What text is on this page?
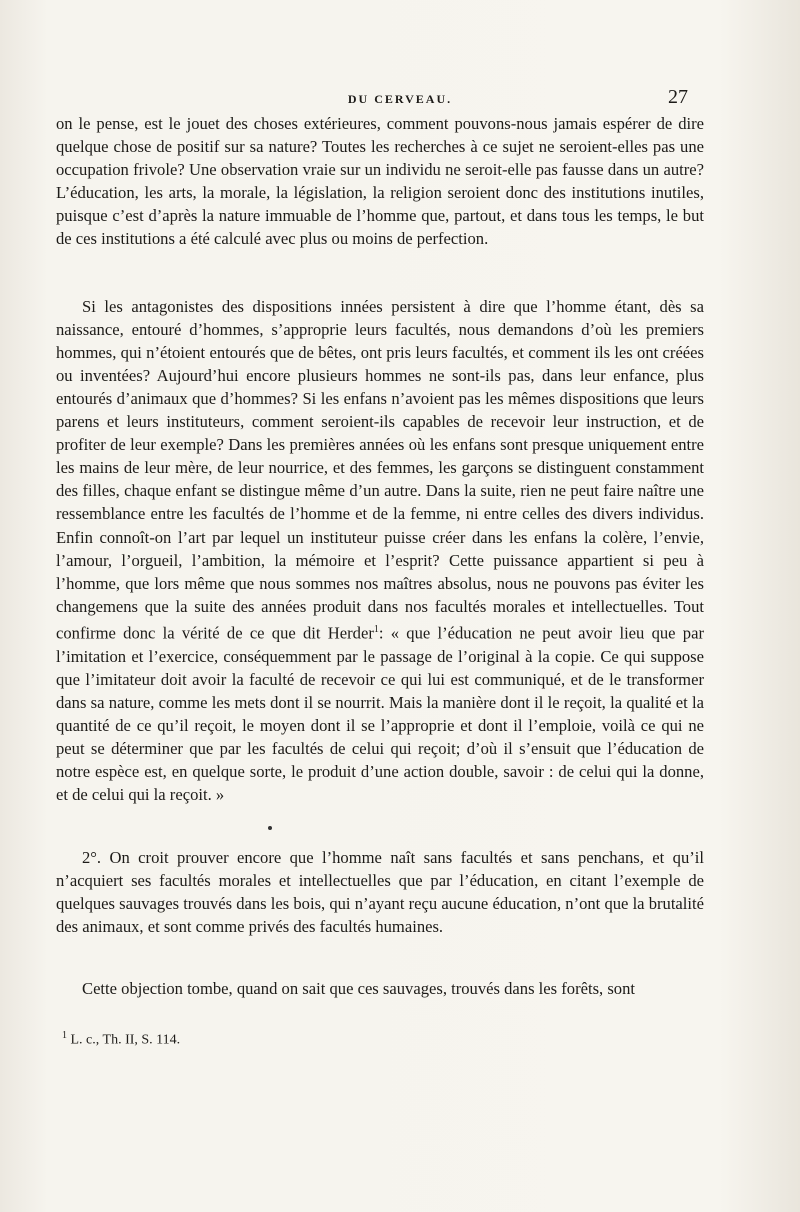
DU CERVEAU.	27

on le pense, est le jouet des choses extérieures, comment pouvons-nous jamais espérer de dire quelque chose de positif sur sa nature? Toutes les recherches à ce sujet ne seroient-elles pas une occupation frivole? Une observation vraie sur un individu ne seroit-elle pas fausse dans un autre? L’éducation, les arts, la morale, la législation, la religion seroient donc des institutions inutiles, puisque c’est d’après la nature immuable de l’homme que, partout, et dans tous les temps, le but de ces institutions a été calculé avec plus ou moins de perfection.

Si les antagonistes des dispositions innées persistent à dire que l’homme étant, dès sa naissance, entouré d’hommes, s’approprie leurs facultés, nous demandons d’où les premiers hommes, qui n’étoient entourés que de bêtes, ont pris leurs facultés, et comment ils les ont créées ou inventées? Aujourd’hui encore plusieurs hommes ne sont-ils pas, dans leur enfance, plus entourés d’animaux que d’hommes? Si les enfans n’avoient pas les mêmes dispositions que leurs parens et leurs instituteurs, comment seroient-ils capables de recevoir leur instruction, et de profiter de leur exemple? Dans les premières années où les enfans sont presque uniquement entre les mains de leur mère, de leur nourrice, et des femmes, les garçons se distinguent constamment des filles, chaque enfant se distingue même d’un autre. Dans la suite, rien ne peut faire naître une ressemblance entre les facultés de l’homme et de la femme, ni entre celles des divers individus. Enfin connoît-on l’art par lequel un instituteur puisse créer dans les enfans la colère, l’envie, l’amour, l’orgueil, l’ambition, la mémoire et l’esprit? Cette puissance appartient si peu à l’homme, que lors même que nous sommes nos maîtres absolus, nous ne pouvons pas éviter les changemens que la suite des années produit dans nos facultés morales et intellectuelles. Tout confirme donc la vérité de ce que dit Herder$^1$: « que l’éducation ne peut avoir lieu que par l’imitation et l’exercice, conséquemment par le passage de l’original à la copie. Ce qui suppose que l’imitateur doit avoir la faculté de recevoir ce qui lui est communiqué, et de le transformer dans sa nature, comme les mets dont il se nourrit. Mais la manière dont il le reçoit, la qualité et la quantité de ce qu’il reçoit, le moyen dont il se l’approprie et dont il l’emploie, voilà ce qui ne peut se déterminer que par les facultés de celui qui reçoit; d’où il s’ensuit que l’éducation de notre espèce est, en quelque sorte, le produit d’une action double, savoir : de celui qui la donne, et de celui qui la reçoit. »

2°. On croit prouver encore que l’homme naît sans facultés et sans penchans, et qu’il n’acquiert ses facultés morales et intellectuelles que par l’éducation, en citant l’exemple de quelques sauvages trouvés dans les bois, qui n’ayant reçu aucune éducation, n’ont que la brutalité des animaux, et sont comme privés des facultés humaines.

Cette objection tombe, quand on sait que ces sauvages, trouvés dans les forêts, sont

$^1$ L. c., Th. II, S. 114.
